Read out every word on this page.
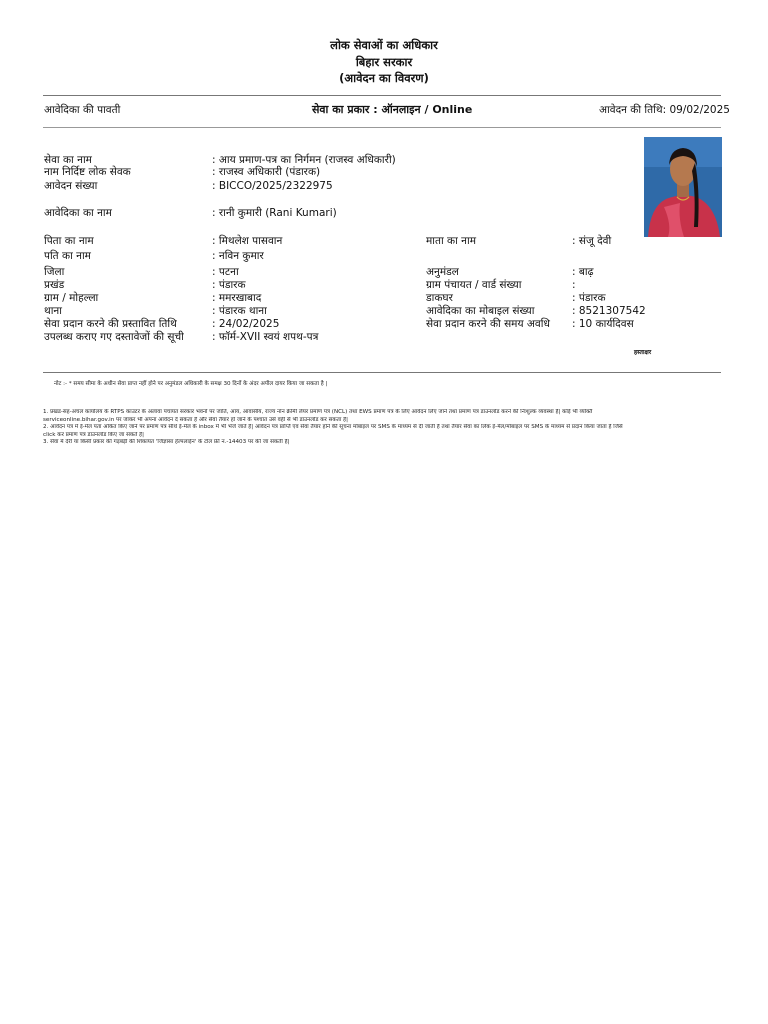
लोक सेवाओं का अधिकार
बिहार सरकार
(आवेदन का विवरण)
आवेदिका की पावती	सेवा का प्रकार : ऑनलाइन / Online	आवेदन की तिथि: 09/02/2025
सेवा का नाम	: आय प्रमाण-पत्र का निर्गमन (राजस्व अधिकारी)
नाम निर्दिष्ट लोक सेवक	: राजस्व अधिकारी (पंडारक)
आवेदन संख्या	: BICCO/2025/2322975
आवेदिका का नाम	: रानी कुमारी (Rani Kumari)
पिता का नाम	: मिथलेश पासवान	माता का नाम	: संजू देवी
पति का नाम	: नविन कुमार
जिला	: पटना	अनुमंडल	: बाढ़
प्रखंड	: पंडारक	ग्राम पंचायत / वार्ड संख्या	:
ग्राम / मोहल्ला	: ममरखाबाद	डाकघर	: पंडारक
थाना	: पंडारक थाना	आवेदिका का मोबाइल संख्या	: 8521307542
सेवा प्रदान करने की प्रस्तावित तिथि	: 24/02/2025	सेवा प्रदान करने की समय अवधि : 10 कार्यदिवस
उपलब्ध कराए गए दस्तावेजों की सूची	: फॉर्म-XVII स्वयं शपथ-पत्र
हस्ताक्षर
नोट :- * समय सीमा के अधीन सेवा प्राप्त नहीं होने पर अनुमंडल अधिकारी के समक्ष 30 दिनों के अंदर अपील दायर किया जा सकता है |
1. प्रखंड-सह-अंचल कार्यालय के RTPS काउंटर के अलावा पंचायत सरकार भवनों पर जाति, आय, आवासीय, राज्य नॉन क्रीमी लेयर प्रमाण पत्र (NCL) तथा EWS प्रमाण पत्र के लिए आवेदन लिए जाने तथा प्रमाण पत्र डाउनलोड करने की निःशुल्क व्यवस्था है| कोई भी व्यक्ति
serviceonline.bihar.gov.in पर जाकर भी अपना आवेदन दे सकता है और सेवा तैयार हो जाने के पश्चात उसे वहीं से भी डाउनलोड कर सकता है|
2. आवेदन पत्र में ई-मेल पता अंकित किए जाने पर प्रमाण पत्र सीधे ई-मेल के inbox में भी भेजे जाते है| आवेदन पत्र प्राप्ति एवं सेवा तैयार होने की सूचना मोबाइल पर SMS के माध्यम से दी जाती है तथा तैयार सेवा का लिंक ई-मेल/मोबाइल पर SMS के माध्यम से प्रदान किया जाता है जिसे
click कर प्रमाण पत्र डाउनलोड किए जा सकते है|
3. सेवा में देरी या किसी प्रकार की गड़बड़ी की शिकायत 'जिज्ञासा हेल्पलाईन' के टॉल फ्री नं.-14403 पर की जा सकती है|
